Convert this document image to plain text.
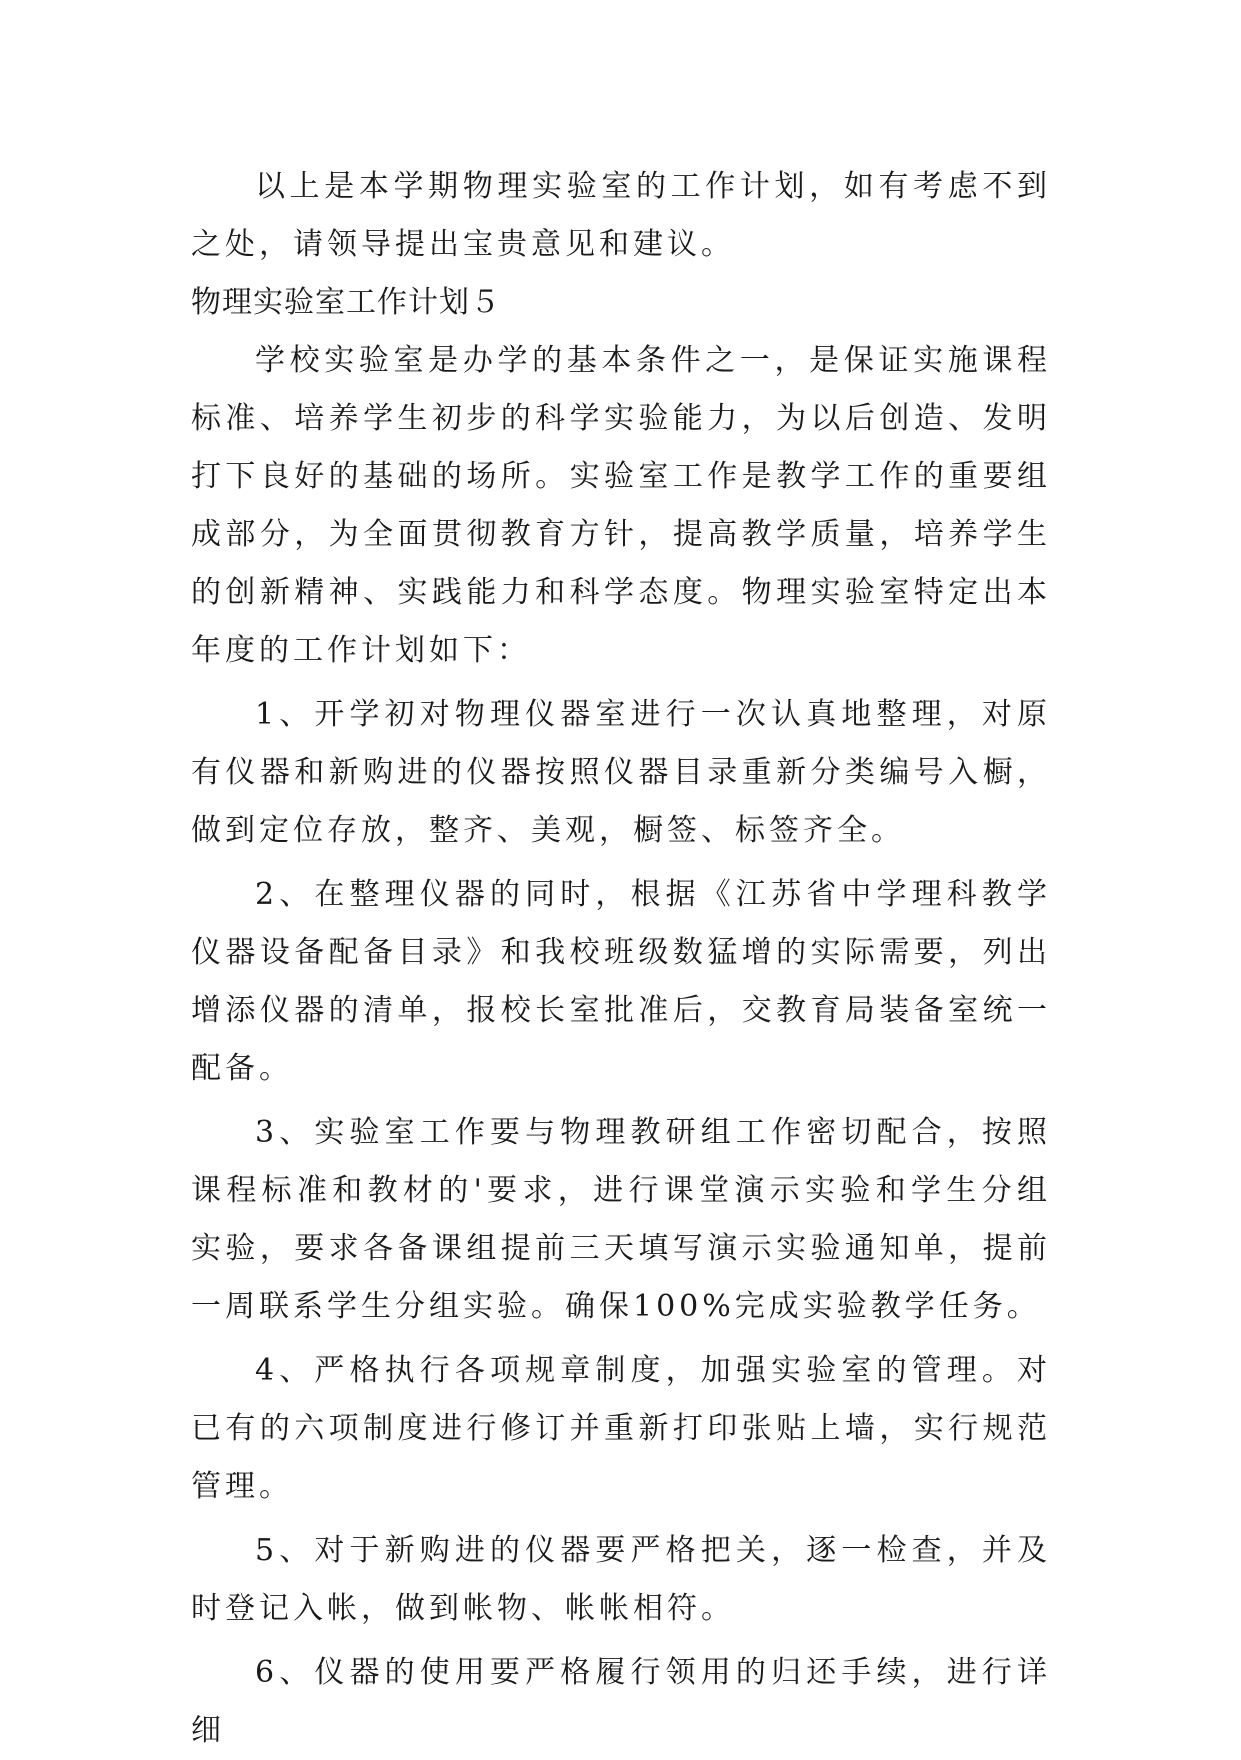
以上是本学期物理实验室的工作计划，如有考虑不到之处，请领导提出宝贵意见和建议。

物理实验室工作计划５

学校实验室是办学的基本条件之一，是保证实施课程标准、培养学生初步的科学实验能力，为以后创造、发明打下良好的基础的场所。实验室工作是教学工作的重要组成部分，为全面贯彻教育方针，提高教学质量，培养学生的创新精神、实践能力和科学态度。物理实验室特定出本年度的工作计划如下：

1、开学初对物理仪器室进行一次认真地整理，对原有仪器和新购进的仪器按照仪器目录重新分类编号入橱，做到定位存放，整齐、美观，橱签、标签齐全。

2、在整理仪器的同时，根据《江苏省中学理科教学仪器设备配备目录》和我校班级数猛增的实际需要，列出增添仪器的清单，报校长室批准后，交教育局装备室统一配备。

3、实验室工作要与物理教研组工作密切配合，按照课程标准和教材的'要求，进行课堂演示实验和学生分组实验，要求各备课组提前三天填写演示实验通知单，提前一周联系学生分组实验。确保100%完成实验教学任务。

4、严格执行各项规章制度，加强实验室的管理。对已有的六项制度进行修订并重新打印张贴上墙，实行规范管理。

5、对于新购进的仪器要严格把关，逐一检查，并及时登记入帐，做到帐物、帐帐相符。

6、仪器的使用要严格履行领用的归还手续，进行详细
